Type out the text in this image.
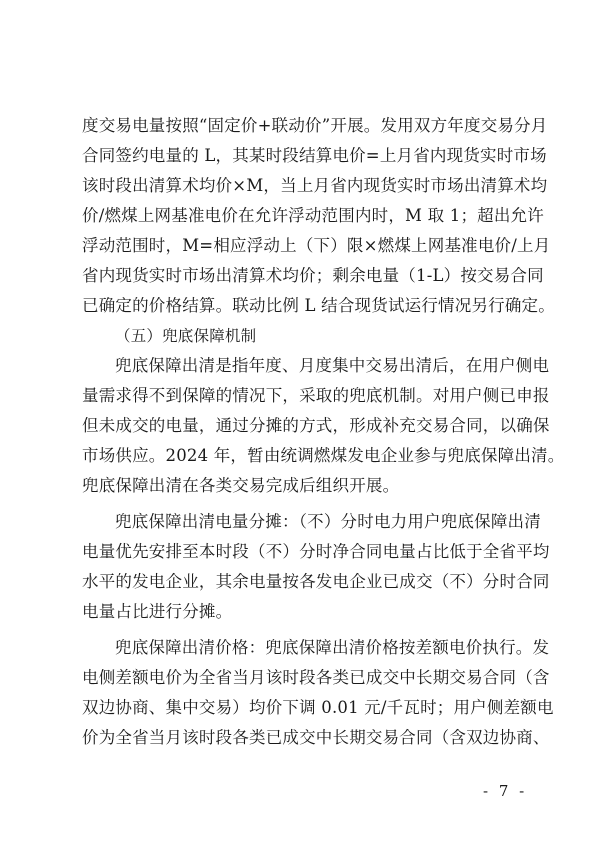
度交易电量按照“固定价+联动价”开展。发用双方年度交易分月
合同签约电量的 L，其某时段结算电价=上月省内现货实时市场
该时段出清算术均价×M，当上月省内现货实时市场出清算术均
价/燃煤上网基准电价在允许浮动范围内时，M 取 1；超出允许
浮动范围时，M=相应浮动上（下）限×燃煤上网基准电价/上月
省内现货实时市场出清算术均价；剩余电量（1-L）按交易合同
已确定的价格结算。联动比例 L 结合现货试运行情况另行确定。
（五）兜底保障机制
兜底保障出清是指年度、月度集中交易出清后，在用户侧电
量需求得不到保障的情况下，采取的兜底机制。对用户侧已申报
但未成交的电量，通过分摊的方式，形成补充交易合同，以确保
市场供应。2024 年，暂由统调燃煤发电企业参与兜底保障出清。
兜底保障出清在各类交易完成后组织开展。
兜底保障出清电量分摊：（不）分时电力用户兜底保障出清
电量优先安排至本时段（不）分时净合同电量占比低于全省平均
水平的发电企业，其余电量按各发电企业已成交（不）分时合同
电量占比进行分摊。
兜底保障出清价格：兜底保障出清价格按差额电价执行。发
电侧差额电价为全省当月该时段各类已成交中长期交易合同（含
双边协商、集中交易）均价下调 0.01 元/千瓦时；用户侧差额电
价为全省当月该时段各类已成交中长期交易合同（含双边协商、
- 7 -
